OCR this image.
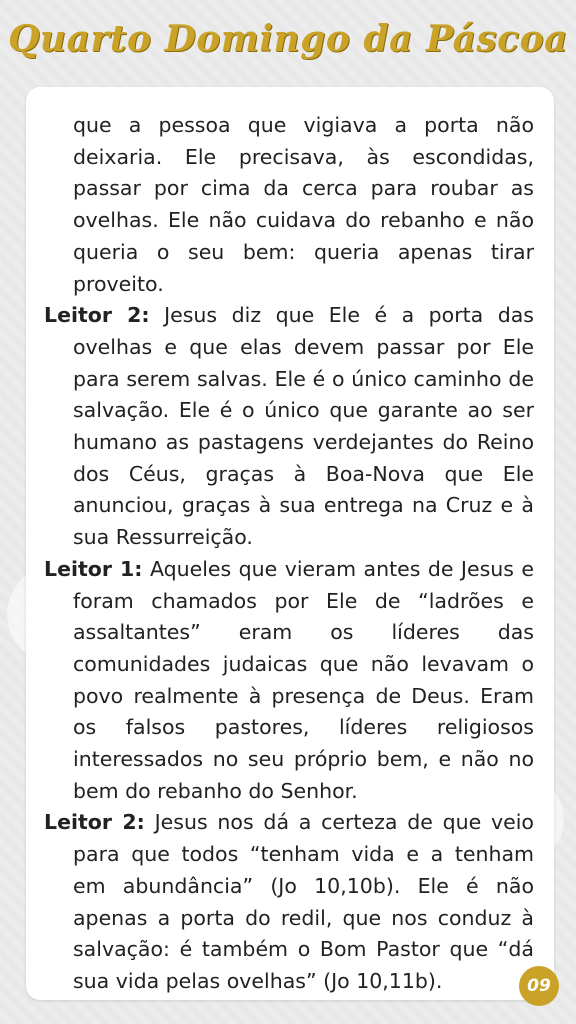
Quarto Domingo da Páscoa

que a pessoa que vigiava a porta não deixaria. Ele precisava, às escondidas, passar por cima da cerca para roubar as ovelhas. Ele não cuidava do rebanho e não queria o seu bem: queria apenas tirar proveito.

Leitor 2: Jesus diz que Ele é a porta das ovelhas e que elas devem passar por Ele para serem salvas. Ele é o único caminho de salvação. Ele é o único que garante ao ser humano as pastagens verdejantes do Reino dos Céus, graças à Boa-Nova que Ele anunciou, graças à sua entrega na Cruz e à sua Ressurreição.

Leitor 1: Aqueles que vieram antes de Jesus e foram chamados por Ele de “ladrões e assaltantes” eram os líderes das comunidades judaicas que não levavam o povo realmente à presença de Deus. Eram os falsos pastores, líderes religiosos interessados no seu próprio bem, e não no bem do rebanho do Senhor.

Leitor 2: Jesus nos dá a certeza de que veio para que todos “tenham vida e a tenham em abundância” (Jo 10,10b). Ele é não apenas a porta do redil, que nos conduz à salvação: é também o Bom Pastor que “dá sua vida pelas ovelhas” (Jo 10,11b).	09
